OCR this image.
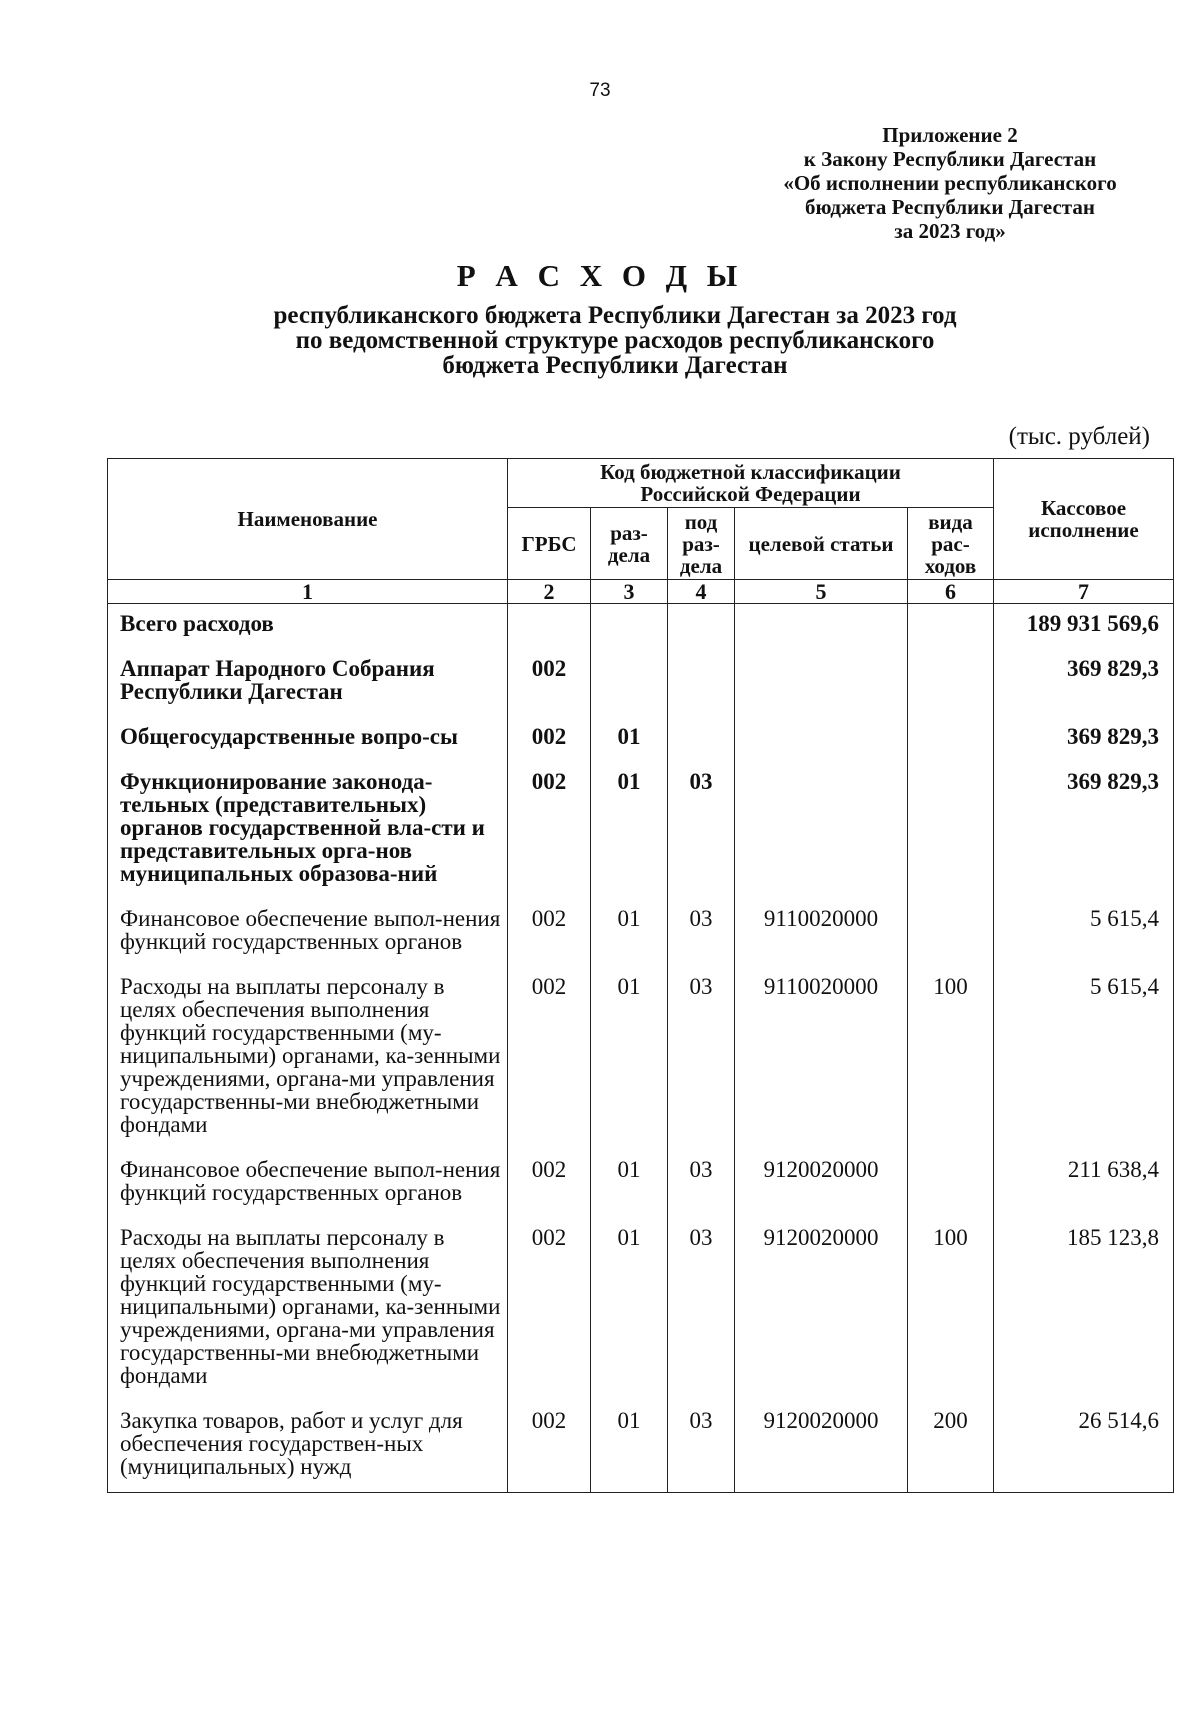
73
Приложение 2
к Закону Республики Дагестан
«Об исполнении республиканского
бюджета Республики Дагестан
за 2023 год»
Р А С Х О Д Ы
республиканского бюджета Республики Дагестан за 2023 год
по ведомственной структуре расходов республиканского
бюджета Республики Дагестан
(тыс. рублей)
Наименование	Код бюджетной классификации Российской Федерации					Кассовое исполнение
	ГРБС	раз-дела	под раз-дела	целевой статьи	вида рас-ходов	
1	2	3	4	5	6	7
Всего расходов						189 931 569,6
Аппарат Народного Собрания Республики Дагестан	002					369 829,3
Общегосударственные вопро-сы	002	01				369 829,3
Функционирование законода-тельных (представительных) органов государственной вла-сти и представительных орга-нов муниципальных образова-ний	002	01	03			369 829,3
Финансовое обеспечение выпол-нения функций государственных органов	002	01	03	9110020000		5 615,4
Расходы на выплаты персоналу в целях обеспечения выполнения функций государственными (му-ниципальными) органами, ка-зенными учреждениями, органа-ми управления государственны-ми внебюджетными фондами	002	01	03	9110020000	100	5 615,4
Финансовое обеспечение выпол-нения функций государственных органов	002	01	03	9120020000		211 638,4
Расходы на выплаты персоналу в целях обеспечения выполнения функций государственными (му-ниципальными) органами, ка-зенными учреждениями, органа-ми управления государственны-ми внебюджетными фондами	002	01	03	9120020000	100	185 123,8
Закупка товаров, работ и услуг для обеспечения государствен-ных (муниципальных) нужд	002	01	03	9120020000	200	26 514,6
